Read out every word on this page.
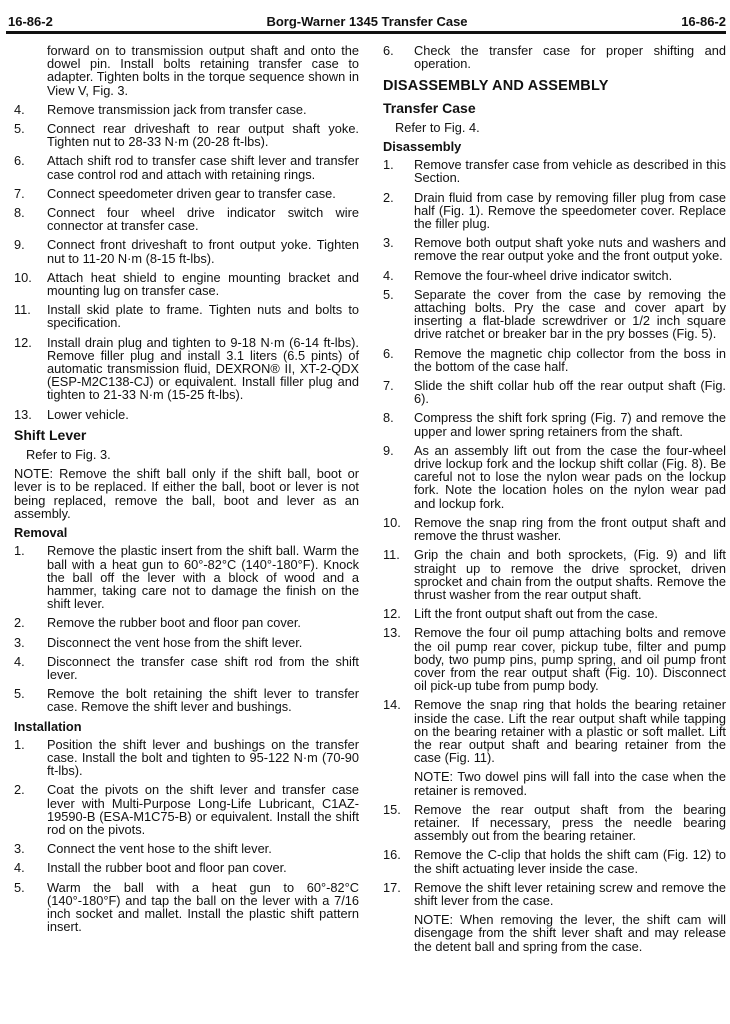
16-86-2	Borg-Warner 1345 Transfer Case	16-86-2
forward on to transmission output shaft and onto the dowel pin. Install bolts retaining transfer case to adapter. Tighten bolts in the torque sequence shown in View V, Fig. 3.
4.	Remove transmission jack from transfer case.
5.	Connect rear driveshaft to rear output shaft yoke. Tighten nut to 28-33 N·m (20-28 ft-lbs).
6.	Attach shift rod to transfer case shift lever and transfer case control rod and attach with retaining rings.
7.	Connect speedometer driven gear to transfer case.
8.	Connect four wheel drive indicator switch wire connector at transfer case.
9.	Connect front driveshaft to front output yoke. Tighten nut to 11-20 N·m (8-15 ft-lbs).
10.	Attach heat shield to engine mounting bracket and mounting lug on transfer case.
11.	Install skid plate to frame. Tighten nuts and bolts to specification.
12.	Install drain plug and tighten to 9-18 N·m (6-14 ft-lbs). Remove filler plug and install 3.1 liters (6.5 pints) of automatic transmission fluid, DEXRON® II, XT-2-QDX (ESP-M2C138-CJ) or equivalent. Install filler plug and tighten to 21-33 N·m (15-25 ft-lbs).
13.	Lower vehicle.
Shift Lever
Refer to Fig. 3.
NOTE: Remove the shift ball only if the shift ball, boot or lever is to be replaced. If either the ball, boot or lever is not being replaced, remove the ball, boot and lever as an assembly.
Removal
1.	Remove the plastic insert from the shift ball. Warm the ball with a heat gun to 60°-82°C (140°-180°F). Knock the ball off the lever with a block of wood and a hammer, taking care not to damage the finish on the shift lever.
2.	Remove the rubber boot and floor pan cover.
3.	Disconnect the vent hose from the shift lever.
4.	Disconnect the transfer case shift rod from the shift lever.
5.	Remove the bolt retaining the shift lever to transfer case. Remove the shift lever and bushings.
Installation
1.	Position the shift lever and bushings on the transfer case. Install the bolt and tighten to 95-122 N·m (70-90 ft-lbs).
2.	Coat the pivots on the shift lever and transfer case lever with Multi-Purpose Long-Life Lubricant, C1AZ-19590-B (ESA-M1C75-B) or equivalent. Install the shift rod on the pivots.
3.	Connect the vent hose to the shift lever.
4.	Install the rubber boot and floor pan cover.
5.	Warm the ball with a heat gun to 60°-82°C (140°-180°F) and tap the ball on the lever with a 7/16 inch socket and mallet. Install the plastic shift pattern insert.
6.	Check the transfer case for proper shifting and operation.
DISASSEMBLY AND ASSEMBLY
Transfer Case
Refer to Fig. 4.
Disassembly
1.	Remove transfer case from vehicle as described in this Section.
2.	Drain fluid from case by removing filler plug from case half (Fig. 1). Remove the speedometer cover. Replace the filler plug.
3.	Remove both output shaft yoke nuts and washers and remove the rear output yoke and the front output yoke.
4.	Remove the four-wheel drive indicator switch.
5.	Separate the cover from the case by removing the attaching bolts. Pry the case and cover apart by inserting a flat-blade screwdriver or 1/2 inch square drive ratchet or breaker bar in the pry bosses (Fig. 5).
6.	Remove the magnetic chip collector from the boss in the bottom of the case half.
7.	Slide the shift collar hub off the rear output shaft (Fig. 6).
8.	Compress the shift fork spring (Fig. 7) and remove the upper and lower spring retainers from the shaft.
9.	As an assembly lift out from the case the four-wheel drive lockup fork and the lockup shift collar (Fig. 8). Be careful not to lose the nylon wear pads on the lockup fork. Note the location holes on the nylon wear pad and lockup fork.
10.	Remove the snap ring from the front output shaft and remove the thrust washer.
11.	Grip the chain and both sprockets, (Fig. 9) and lift straight up to remove the drive sprocket, driven sprocket and chain from the output shafts. Remove the thrust washer from the rear output shaft.
12.	Lift the front output shaft out from the case.
13.	Remove the four oil pump attaching bolts and remove the oil pump rear cover, pickup tube, filter and pump body, two pump pins, pump spring, and oil pump front cover from the rear output shaft (Fig. 10). Disconnect oil pick-up tube from pump body.
14.	Remove the snap ring that holds the bearing retainer inside the case. Lift the rear output shaft while tapping on the bearing retainer with a plastic or soft mallet. Lift the rear output shaft and bearing retainer from the case (Fig. 11).
NOTE: Two dowel pins will fall into the case when the retainer is removed.
15.	Remove the rear output shaft from the bearing retainer. If necessary, press the needle bearing assembly out from the bearing retainer.
16.	Remove the C-clip that holds the shift cam (Fig. 12) to the shift actuating lever inside the case.
17.	Remove the shift lever retaining screw and remove the shift lever from the case.
NOTE: When removing the lever, the shift cam will disengage from the shift lever shaft and may release the detent ball and spring from the case.
